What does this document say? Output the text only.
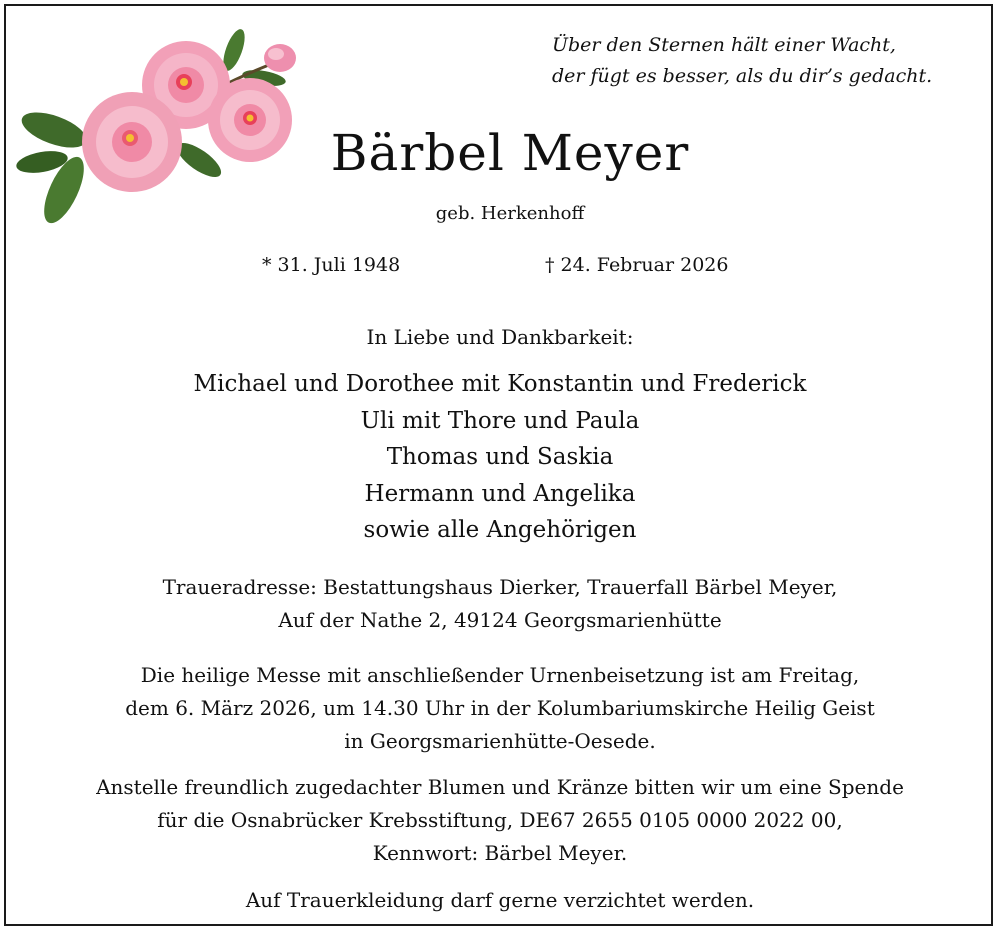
Über den Sternen hält einer Wacht,
der fügt es besser, als du dir’s gedacht.
Bärbel Meyer
geb. Herkenhoff
* 31. Juli 1948	† 24. Februar 2026
In Liebe und Dankbarkeit:
Michael und Dorothee mit Konstantin und Frederick
Uli mit Thore und Paula
Thomas und Saskia
Hermann und Angelika
sowie alle Angehörigen
Traueradresse: Bestattungshaus Dierker, Trauerfall Bärbel Meyer,
Auf der Nathe 2, 49124 Georgsmarienhütte
Die heilige Messe mit anschließender Urnenbeisetzung ist am Freitag,
dem 6. März 2026, um 14.30 Uhr in der Kolumbariumskirche Heilig Geist
in Georgsmarienhütte-Oesede.
Anstelle freundlich zugedachter Blumen und Kränze bitten wir um eine Spende
für die Osnabrücker Krebsstiftung, DE67 2655 0105 0000 2022 00,
Kennwort: Bärbel Meyer.
Auf Trauerkleidung darf gerne verzichtet werden.
